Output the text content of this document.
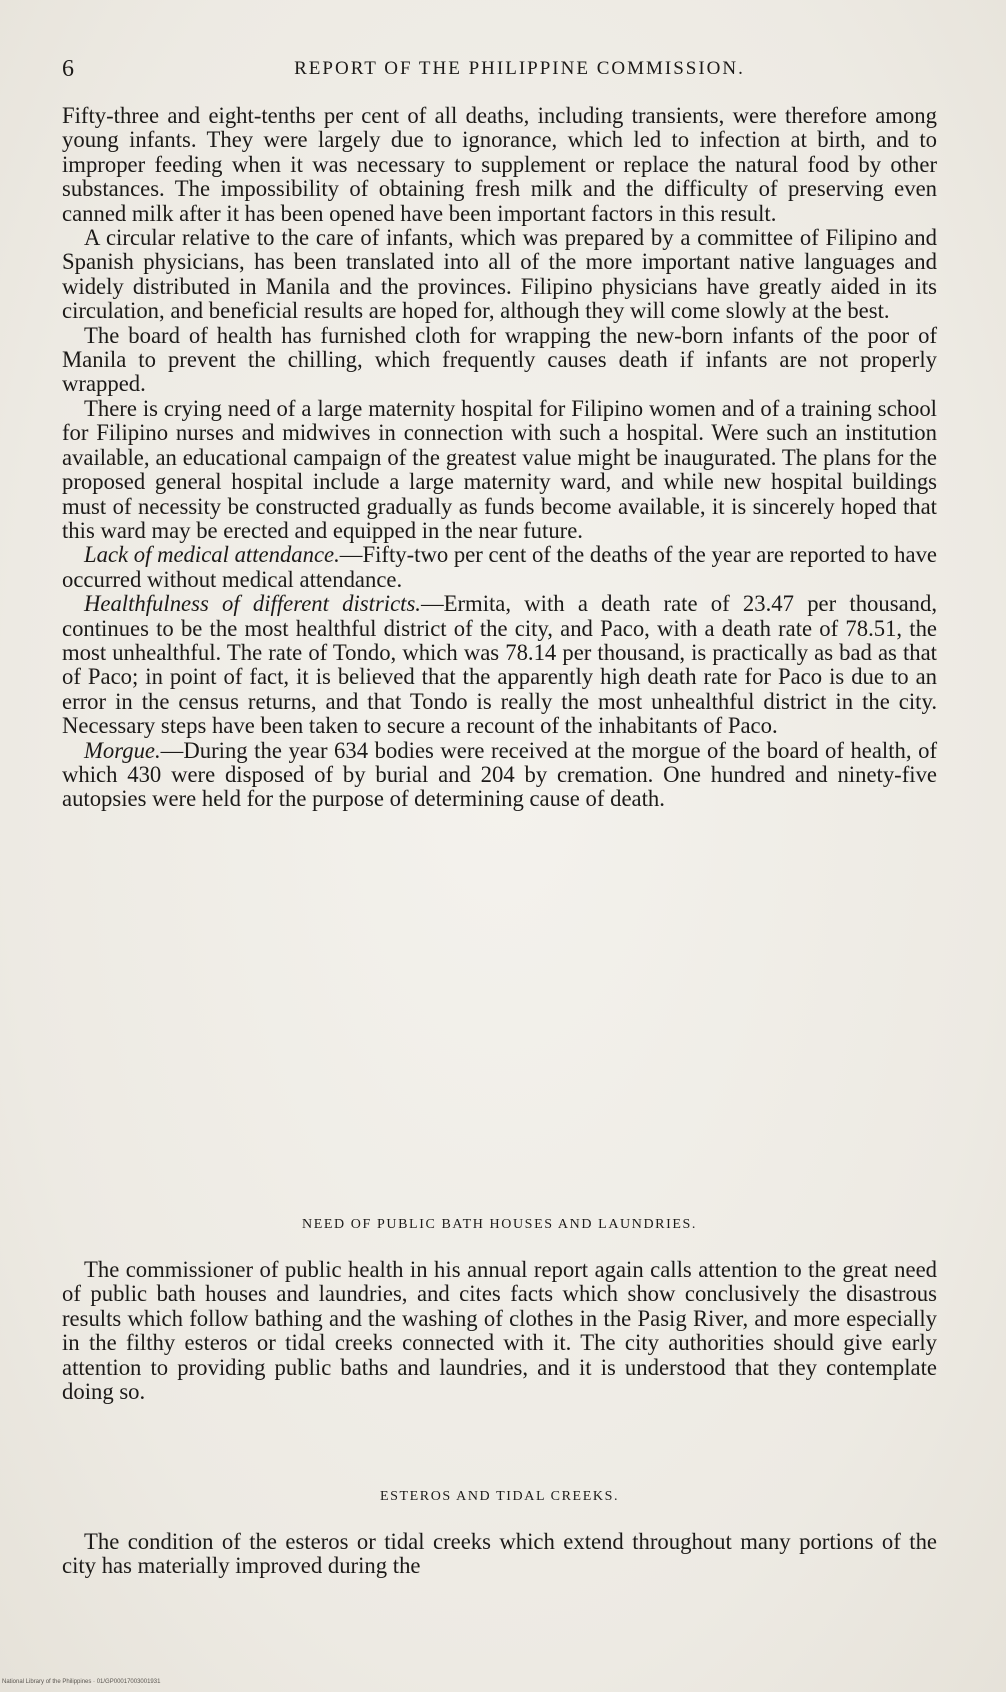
6	REPORT OF THE PHILIPPINE COMMISSION.

Fifty-three and eight-tenths per cent of all deaths, including transients, were therefore among young infants. They were largely due to ignorance, which led to infection at birth, and to improper feeding when it was necessary to supplement or replace the natural food by other substances. The impossibility of obtaining fresh milk and the difficulty of preserving even canned milk after it has been opened have been important factors in this result.

A circular relative to the care of infants, which was prepared by a committee of Filipino and Spanish physicians, has been translated into all of the more important native languages and widely distributed in Manila and the provinces. Filipino physicians have greatly aided in its circulation, and beneficial results are hoped for, although they will come slowly at the best.

The board of health has furnished cloth for wrapping the new-born infants of the poor of Manila to prevent the chilling, which frequently causes death if infants are not properly wrapped.

There is crying need of a large maternity hospital for Filipino women and of a training school for Filipino nurses and midwives in connection with such a hospital. Were such an institution available, an educational campaign of the greatest value might be inaugurated. The plans for the proposed general hospital include a large maternity ward, and while new hospital buildings must of necessity be constructed gradually as funds become available, it is sincerely hoped that this ward may be erected and equipped in the near future.

Lack of medical attendance.—Fifty-two per cent of the deaths of the year are reported to have occurred without medical attendance.

Healthfulness of different districts.—Ermita, with a death rate of 23.47 per thousand, continues to be the most healthful district of the city, and Paco, with a death rate of 78.51, the most unhealthful. The rate of Tondo, which was 78.14 per thousand, is practically as bad as that of Paco; in point of fact, it is believed that the apparently high death rate for Paco is due to an error in the census returns, and that Tondo is really the most unhealthful district in the city. Necessary steps have been taken to secure a recount of the inhabitants of Paco.

Morgue.—During the year 634 bodies were received at the morgue of the board of health, of which 430 were disposed of by burial and 204 by cremation. One hundred and ninety-five autopsies were held for the purpose of determining cause of death.

NEED OF PUBLIC BATH HOUSES AND LAUNDRIES.

The commissioner of public health in his annual report again calls attention to the great need of public bath houses and laundries, and cites facts which show conclusively the disastrous results which follow bathing and the washing of clothes in the Pasig River, and more especially in the filthy esteros or tidal creeks connected with it. The city authorities should give early attention to providing public baths and laundries, and it is understood that they contemplate doing so.

ESTEROS AND TIDAL CREEKS.

The condition of the esteros or tidal creeks which extend throughout many portions of the city has materially improved during the

National Library of the Philippines · 01/GP00017003001931
